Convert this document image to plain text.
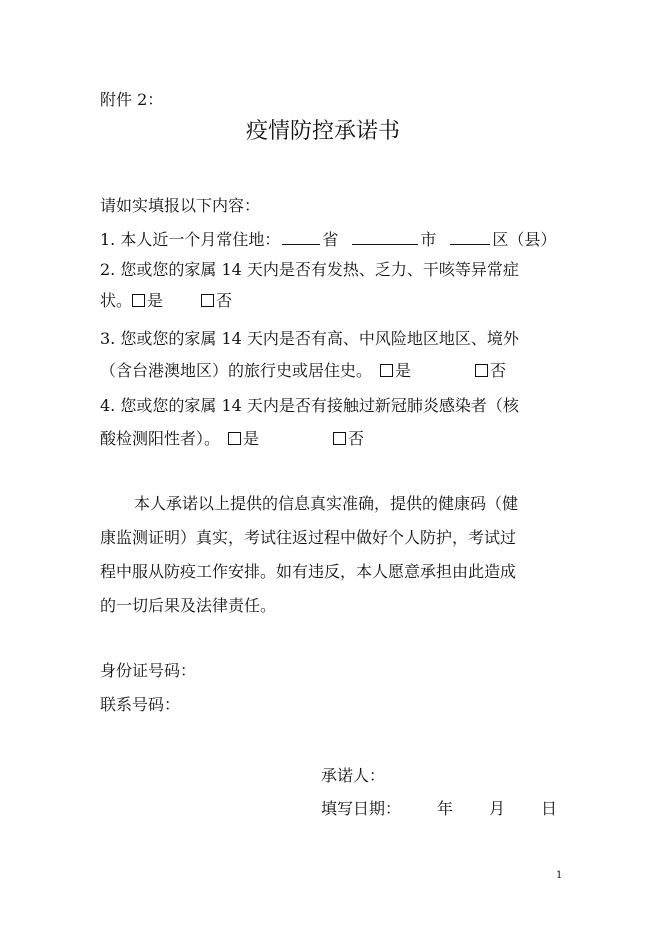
附件 2：
疫情防控承诺书
请如实填报以下内容：
1. 本人近一个月常住地：	省	市	区（县）
2. 您或您的家属 14 天内是否有发热、乏力、干咳等异常症
状。 是	否
3. 您或您的家属 14 天内是否有高、中风险地区地区、境外
（含台港澳地区）的旅行史或居住史。 是	否
4. 您或您的家属 14 天内是否有接触过新冠肺炎感染者（核
酸检测阳性者）。 是	否
本人承诺以上提供的信息真实准确，提供的健康码（健
康监测证明）真实，考试往返过程中做好个人防护，考试过
程中服从防疫工作安排。如有违反，本人愿意承担由此造成
的一切后果及法律责任。
身份证号码：
联系号码：
承诺人：
填写日期： 年 月 日
1
